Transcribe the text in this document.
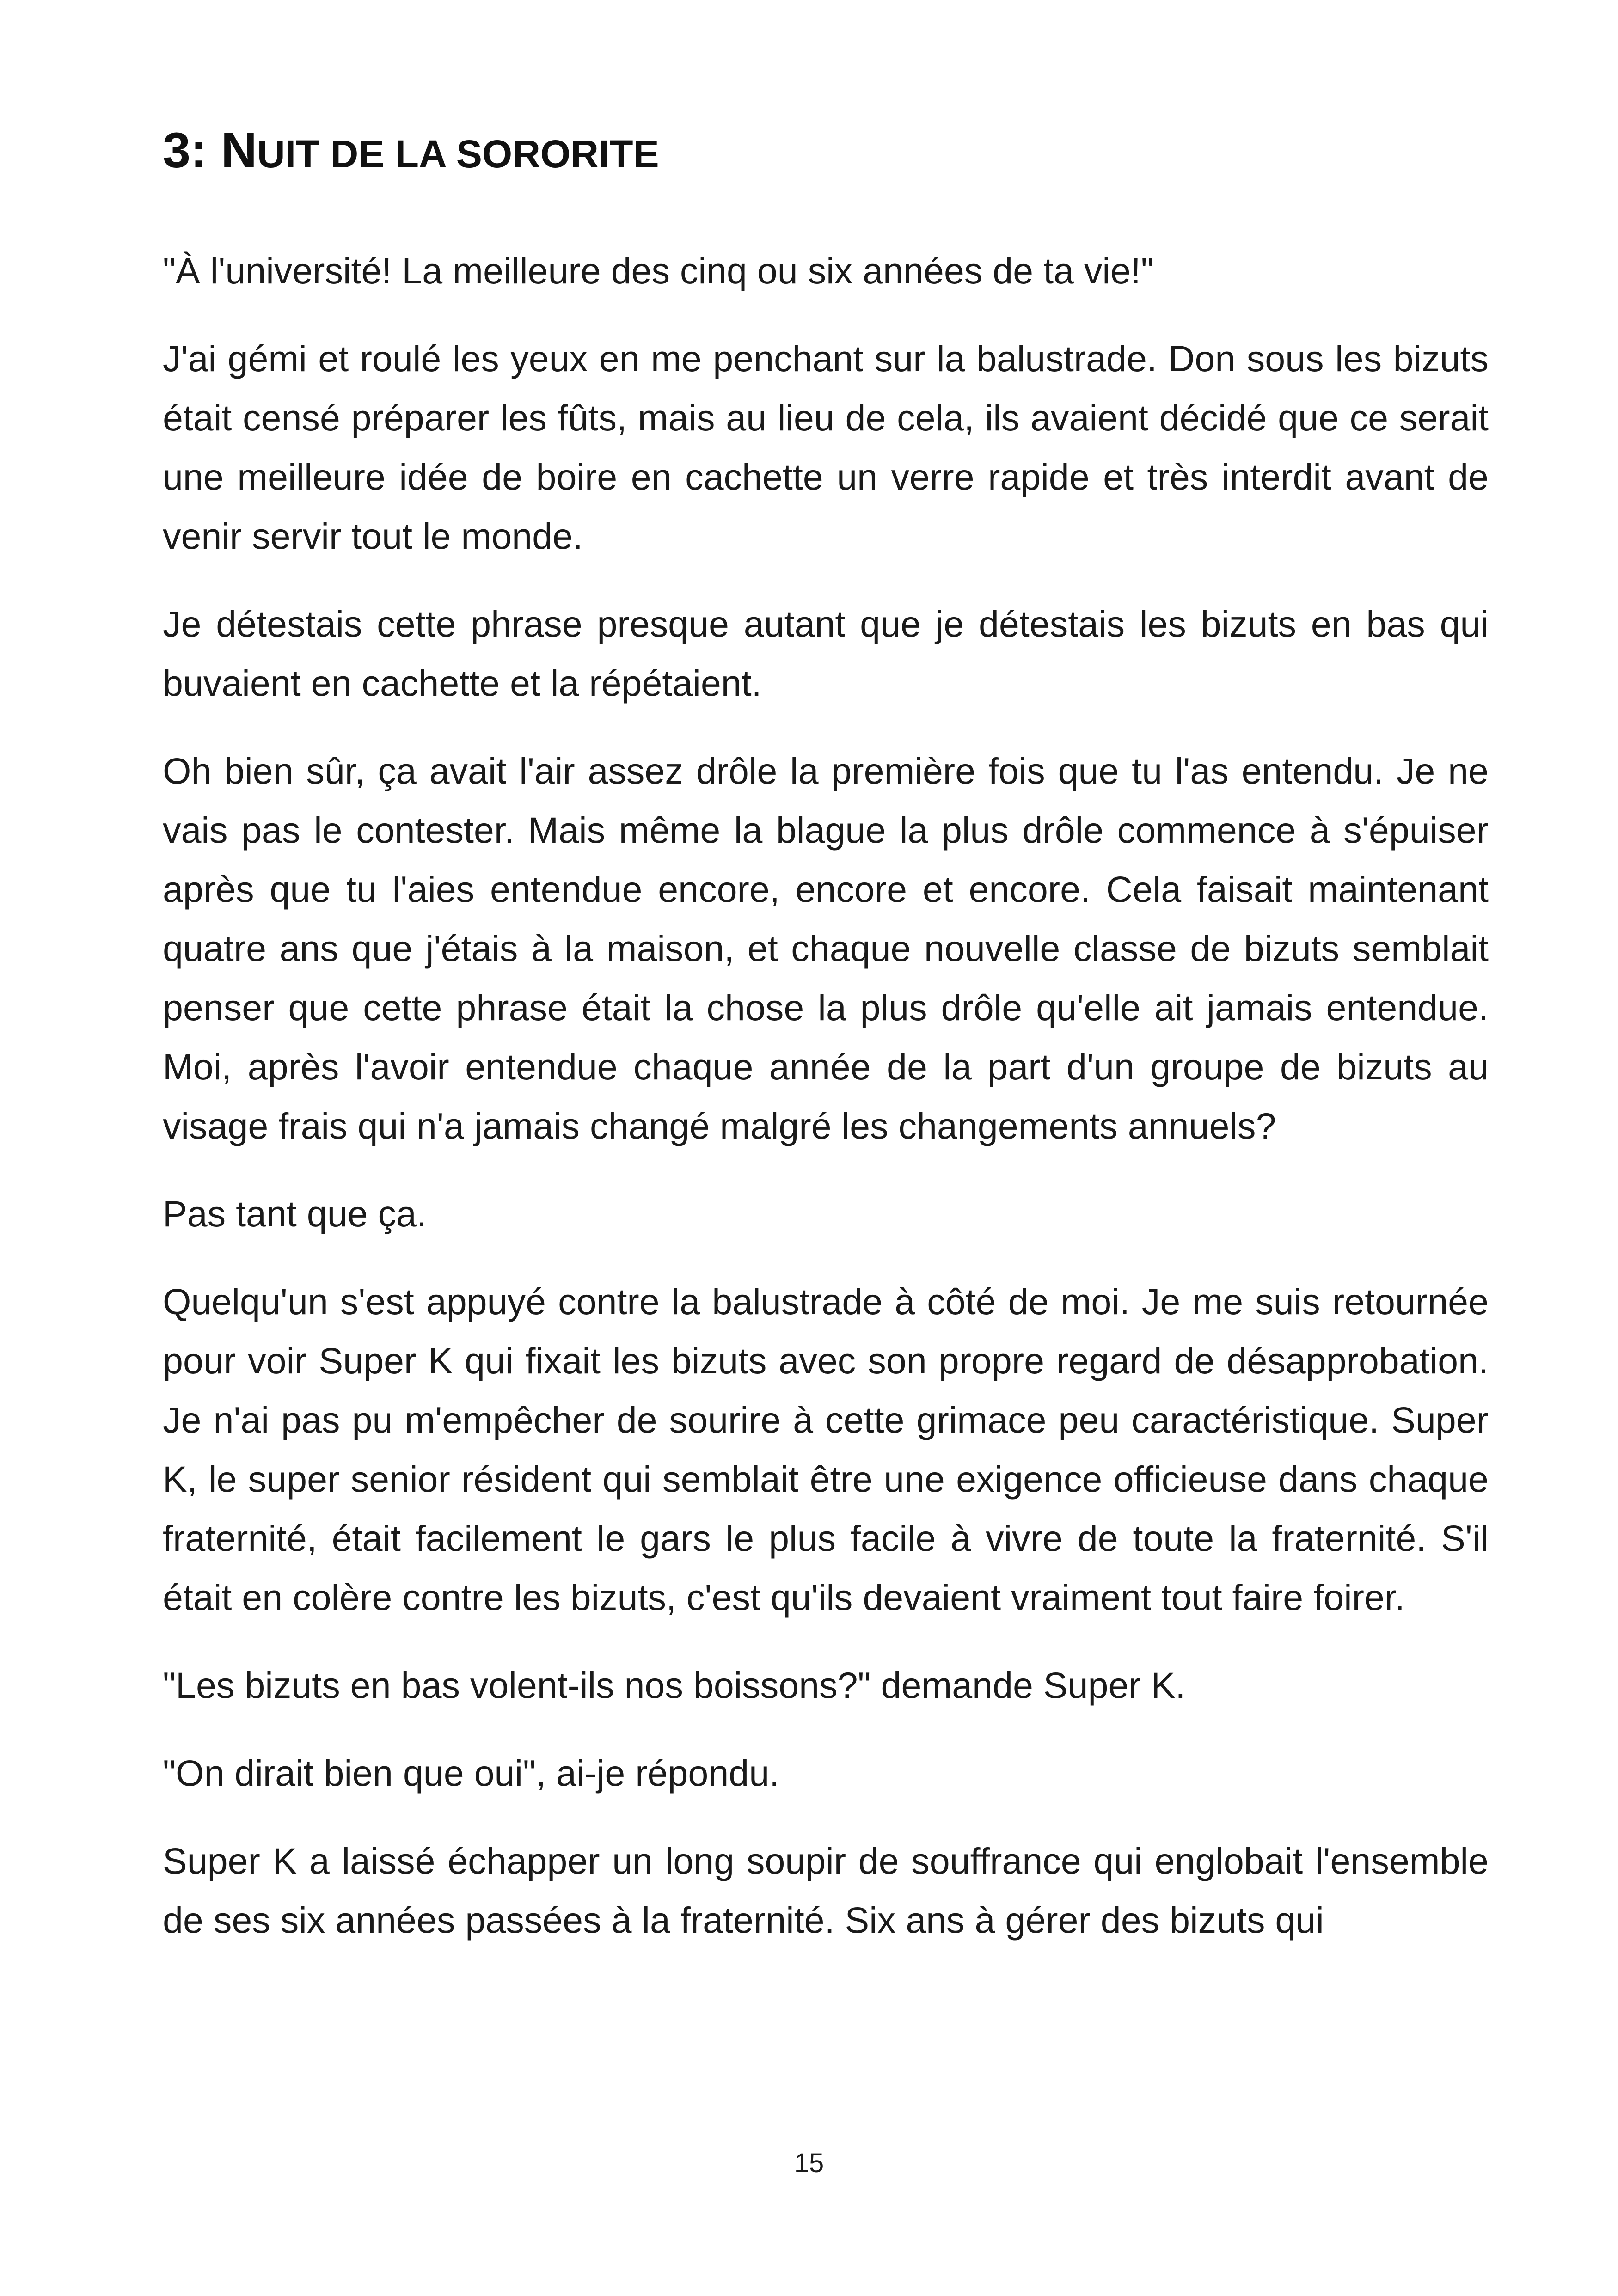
3: NUIT DE LA SORORITE

"À l'université! La meilleure des cinq ou six années de ta vie!"

J'ai gémi et roulé les yeux en me penchant sur la balustrade. Don sous les bizuts était censé préparer les fûts, mais au lieu de cela, ils avaient décidé que ce serait une meilleure idée de boire en cachette un verre rapide et très interdit avant de venir servir tout le monde.

Je détestais cette phrase presque autant que je détestais les bizuts en bas qui buvaient en cachette et la répétaient.

Oh bien sûr, ça avait l'air assez drôle la première fois que tu l'as entendu. Je ne vais pas le contester. Mais même la blague la plus drôle commence à s'épuiser après que tu l'aies entendue encore, encore et encore. Cela faisait maintenant quatre ans que j'étais à la maison, et chaque nouvelle classe de bizuts semblait penser que cette phrase était la chose la plus drôle qu'elle ait jamais entendue. Moi, après l'avoir entendue chaque année de la part d'un groupe de bizuts au visage frais qui n'a jamais changé malgré les changements annuels?

Pas tant que ça.

Quelqu'un s'est appuyé contre la balustrade à côté de moi. Je me suis retournée pour voir Super K qui fixait les bizuts avec son propre regard de désapprobation. Je n'ai pas pu m'empêcher de sourire à cette grimace peu caractéristique. Super K, le super senior résident qui semblait être une exigence officieuse dans chaque fraternité, était facilement le gars le plus facile à vivre de toute la fraternité. S'il était en colère contre les bizuts, c'est qu'ils devaient vraiment tout faire foirer.

"Les bizuts en bas volent-ils nos boissons?" demande Super K.

"On dirait bien que oui", ai-je répondu.

Super K a laissé échapper un long soupir de souffrance qui englobait l'ensemble de ses six années passées à la fraternité. Six ans à gérer des bizuts qui

15
